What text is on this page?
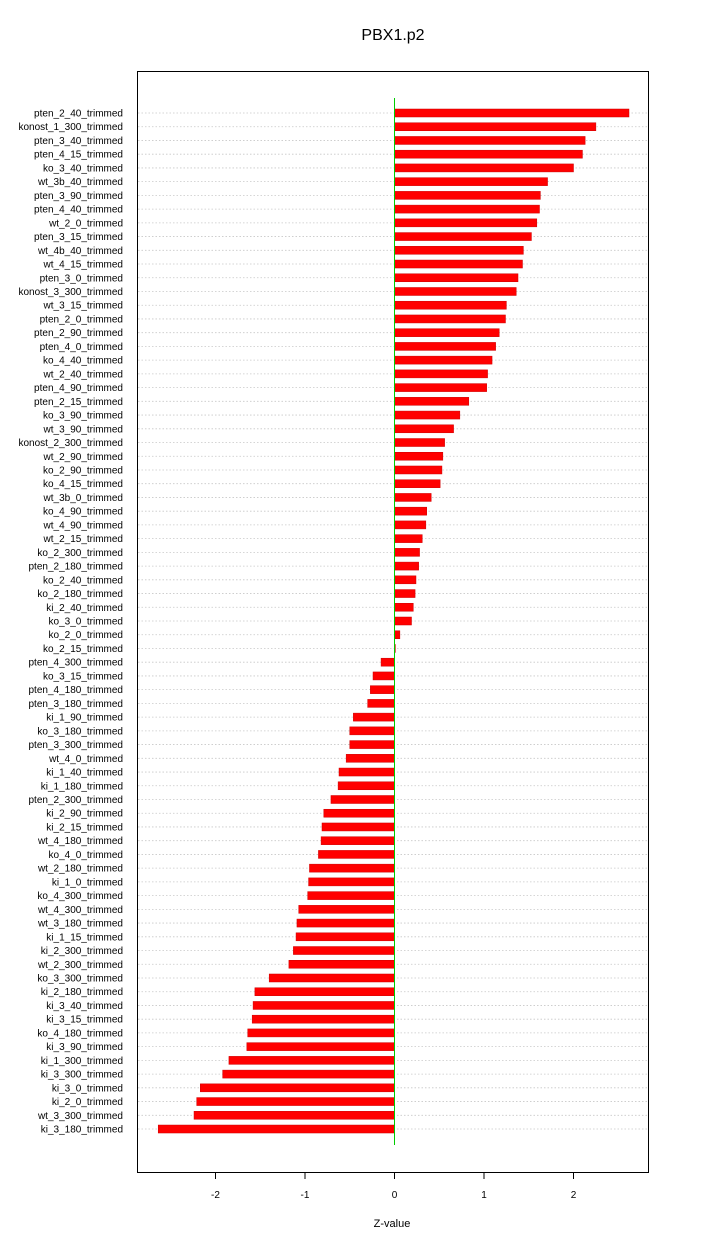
PBX1.p2
pten_2_40_trimmed
konost_1_300_trimmed
pten_3_40_trimmed
pten_4_15_trimmed
ko_3_40_trimmed
wt_3b_40_trimmed
pten_3_90_trimmed
pten_4_40_trimmed
wt_2_0_trimmed
pten_3_15_trimmed
wt_4b_40_trimmed
wt_4_15_trimmed
pten_3_0_trimmed
konost_3_300_trimmed
wt_3_15_trimmed
pten_2_0_trimmed
pten_2_90_trimmed
pten_4_0_trimmed
ko_4_40_trimmed
wt_2_40_trimmed
pten_4_90_trimmed
pten_2_15_trimmed
ko_3_90_trimmed
wt_3_90_trimmed
konost_2_300_trimmed
wt_2_90_trimmed
ko_2_90_trimmed
ko_4_15_trimmed
wt_3b_0_trimmed
ko_4_90_trimmed
wt_4_90_trimmed
wt_2_15_trimmed
ko_2_300_trimmed
pten_2_180_trimmed
ko_2_40_trimmed
ko_2_180_trimmed
ki_2_40_trimmed
ko_3_0_trimmed
ko_2_0_trimmed
ko_2_15_trimmed
pten_4_300_trimmed
ko_3_15_trimmed
pten_4_180_trimmed
pten_3_180_trimmed
ki_1_90_trimmed
ko_3_180_trimmed
pten_3_300_trimmed
wt_4_0_trimmed
ki_1_40_trimmed
ki_1_180_trimmed
pten_2_300_trimmed
ki_2_90_trimmed
ki_2_15_trimmed
wt_4_180_trimmed
ko_4_0_trimmed
wt_2_180_trimmed
ki_1_0_trimmed
ko_4_300_trimmed
wt_4_300_trimmed
wt_3_180_trimmed
ki_1_15_trimmed
ki_2_300_trimmed
wt_2_300_trimmed
ko_3_300_trimmed
ki_2_180_trimmed
ki_3_40_trimmed
ki_3_15_trimmed
ko_4_180_trimmed
ki_3_90_trimmed
ki_1_300_trimmed
ki_3_300_trimmed
ki_3_0_trimmed
ki_2_0_trimmed
wt_3_300_trimmed
ki_3_180_trimmed
-2	-1	0	1	2
Z-value
